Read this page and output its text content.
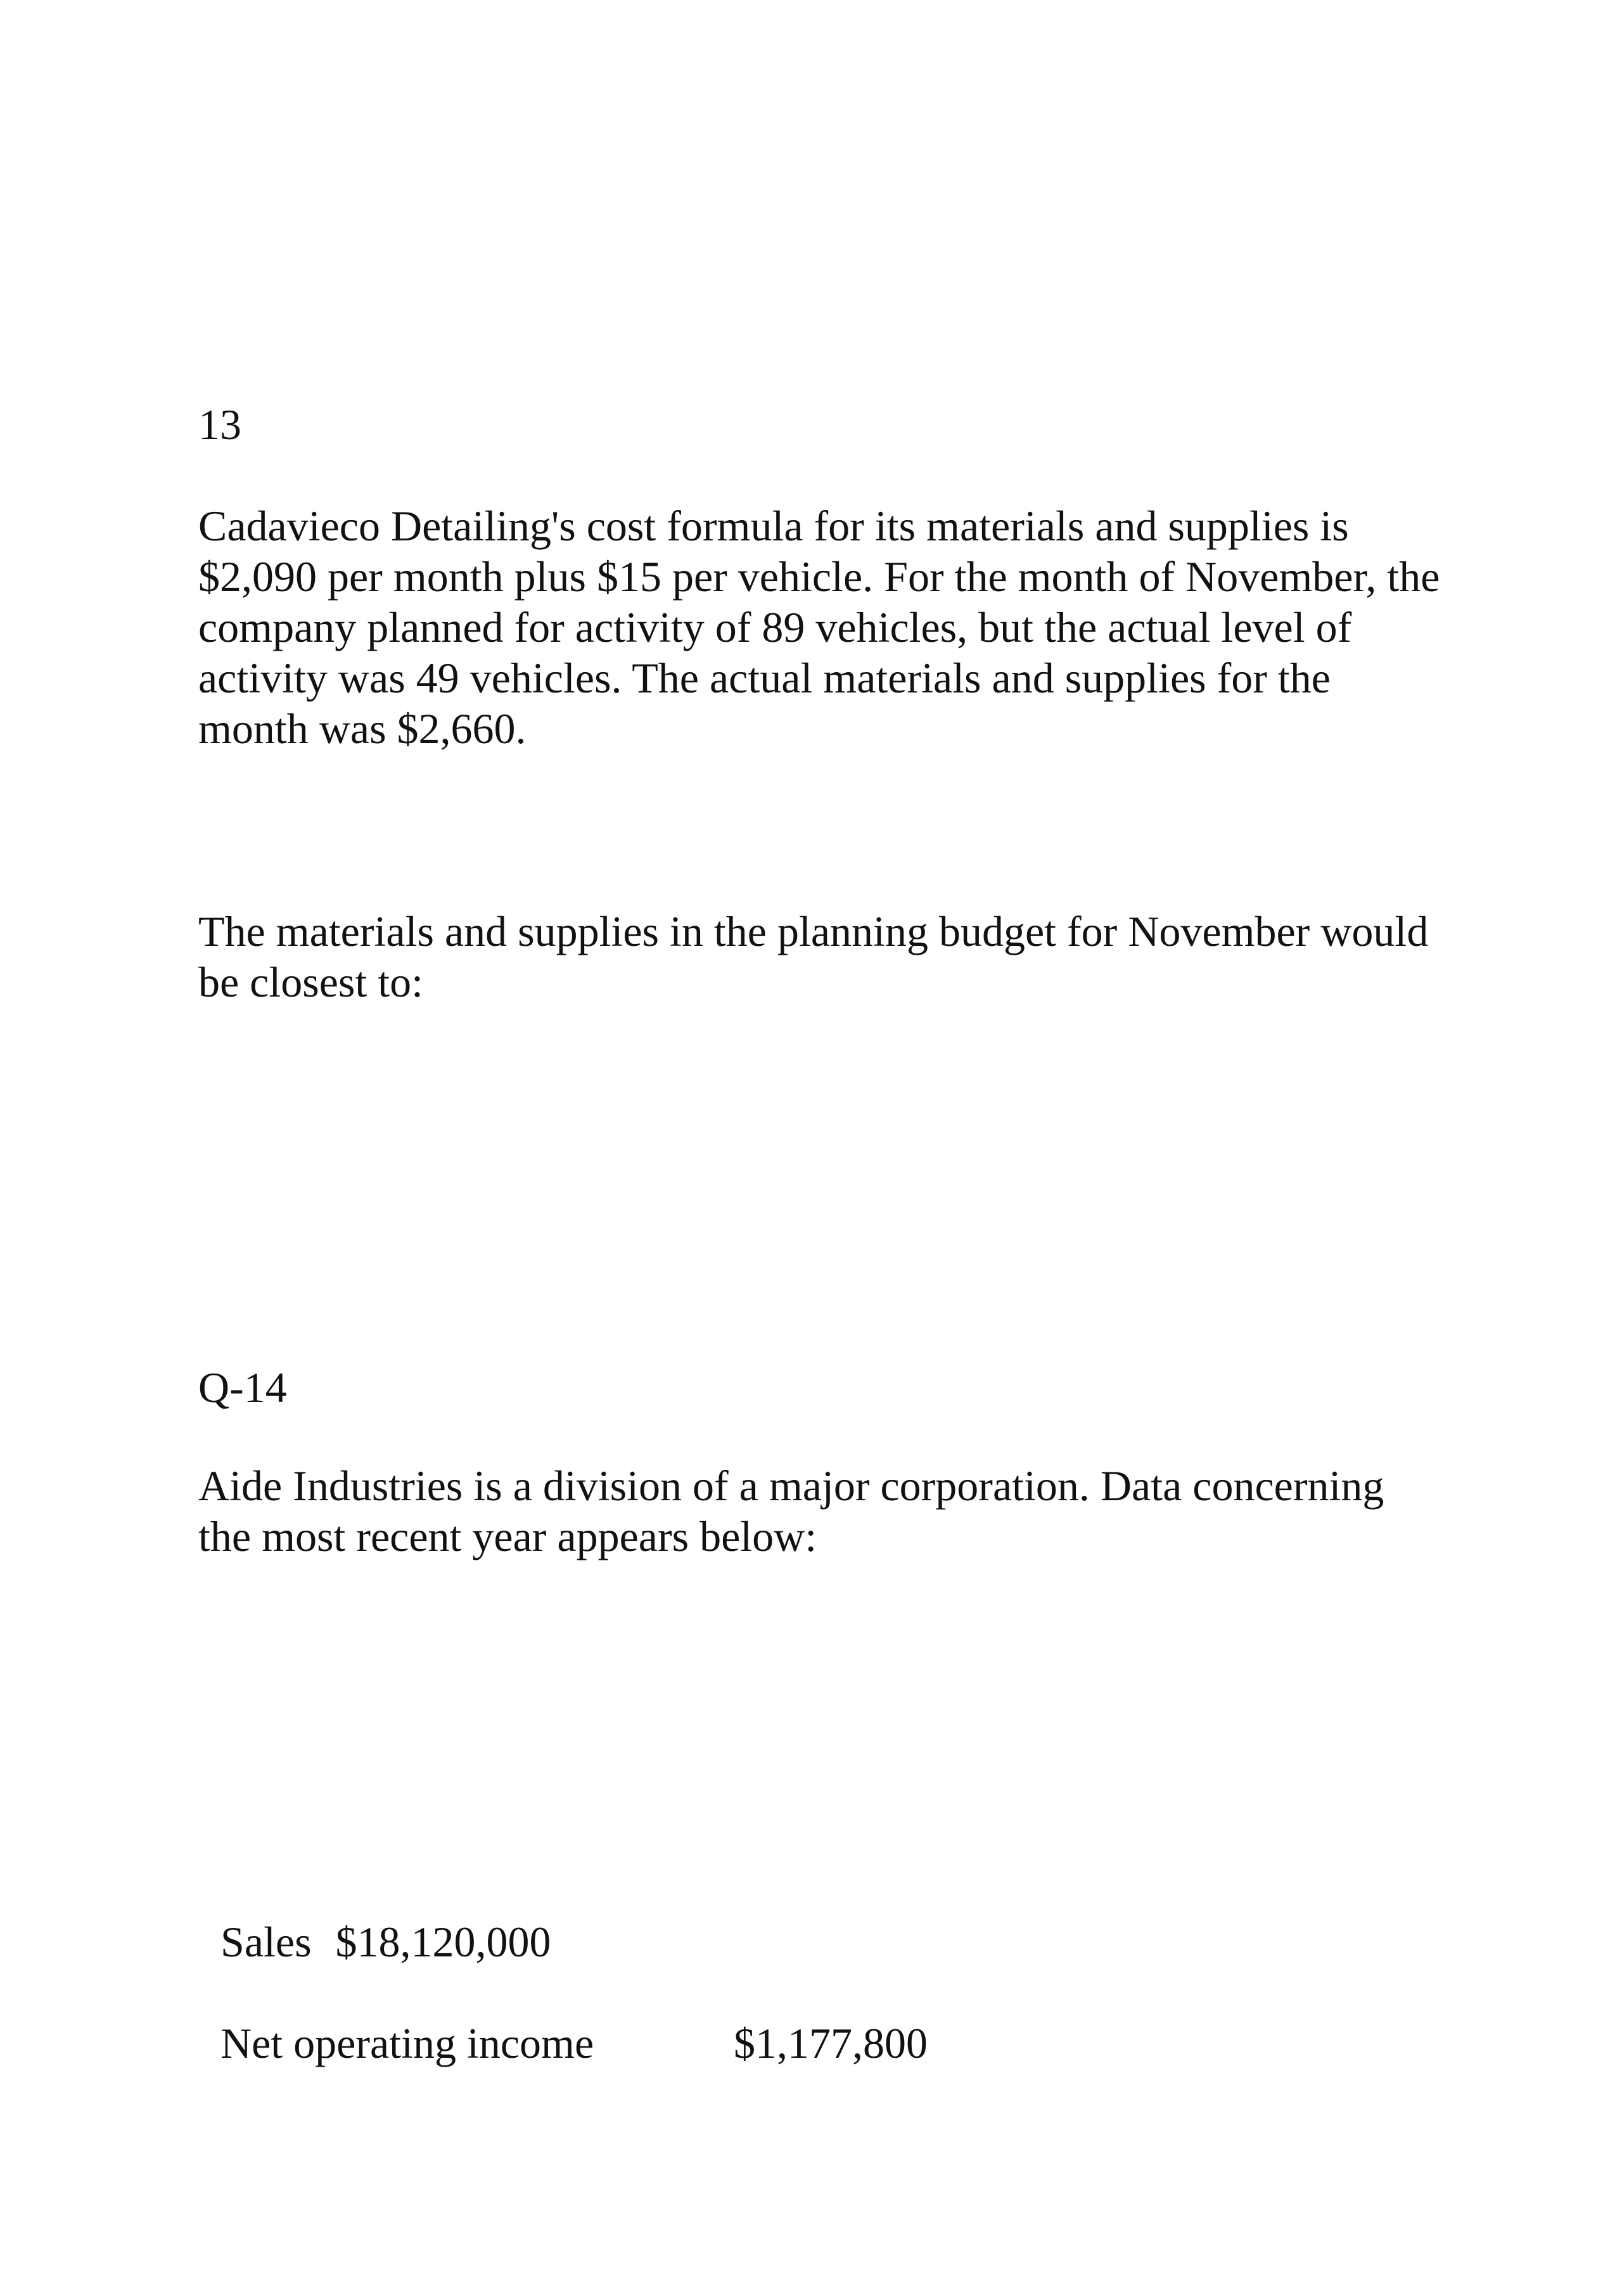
13

Cadavieco Detailing's cost formula for its materials and supplies is $2,090 per month plus $15 per vehicle. For the month of November, the company planned for activity of 89 vehicles, but the actual level of activity was 49 vehicles. The actual materials and supplies for the month was $2,660.

The materials and supplies in the planning budget for November would be closest to:

Q-14

Aide Industries is a division of a major corporation. Data concerning the most recent year appears below:

Sales $18,120,000
Net operating income	$1,177,800
